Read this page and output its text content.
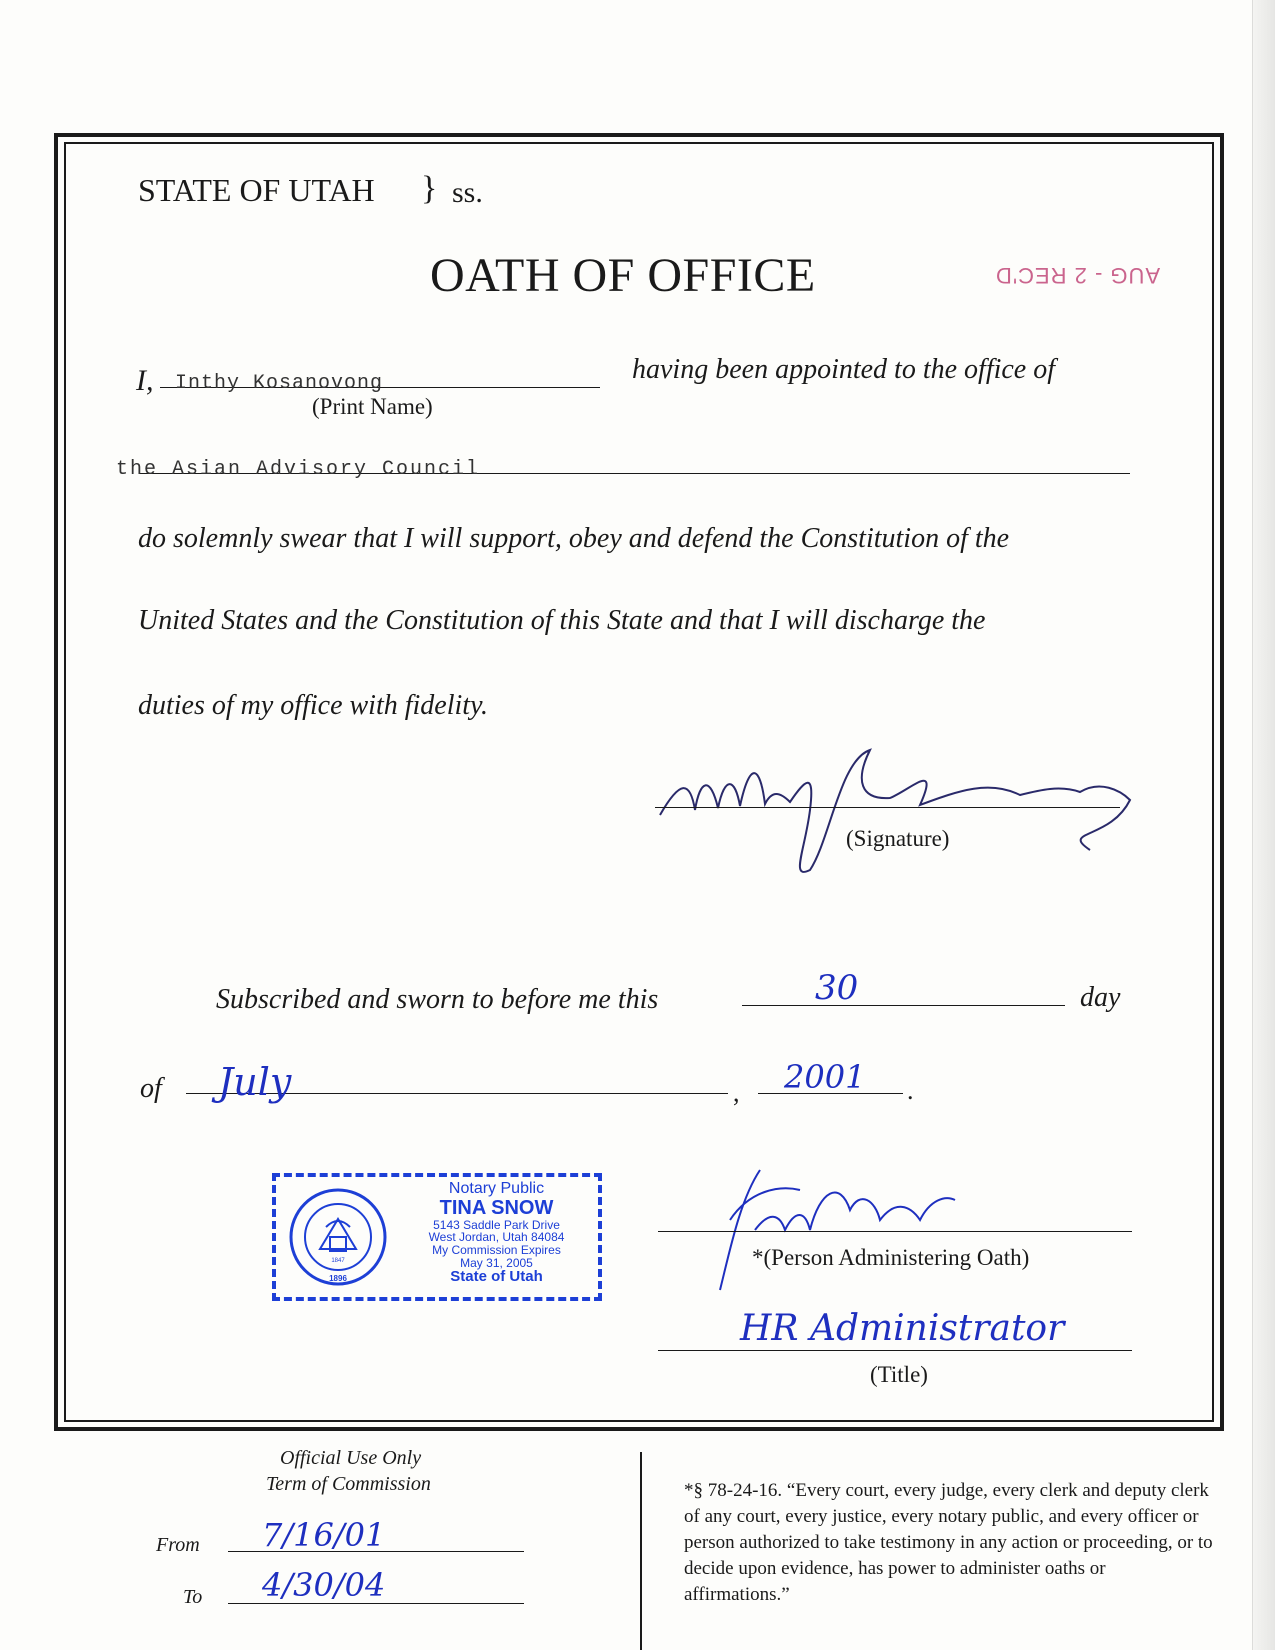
STATE OF UTAH } ss.
OATH OF OFFICE	AUG - 2 REC'D
I, Inthy Kosanovong
(Print Name)
having been appointed to the office of
the Asian Advisory Council
do solemnly swear that I will support, obey and defend the Constitution of the
United States and the Constitution of this State and that I will discharge the
duties of my office with fidelity.
(Signature)
Subscribed and sworn to before me this	30	day
of July	, 2001 .
1896
1847
Notary Public
TINA SNOW
5143 Saddle Park Drive
West Jordan, Utah 84084
My Commission Expires
May 31, 2005
State of Utah
*(Person Administering Oath)
HR Administrator
(Title)
Official Use Only
Term of Commission
From 7/16/01
To 4/30/04
*§ 78-24-16. “Every court, every judge, every clerk and deputy clerk of any court, every justice, every notary public, and every officer or person authorized to take testimony in any action or proceeding, or to decide upon evidence, has power to administer oaths or affirmations.”
